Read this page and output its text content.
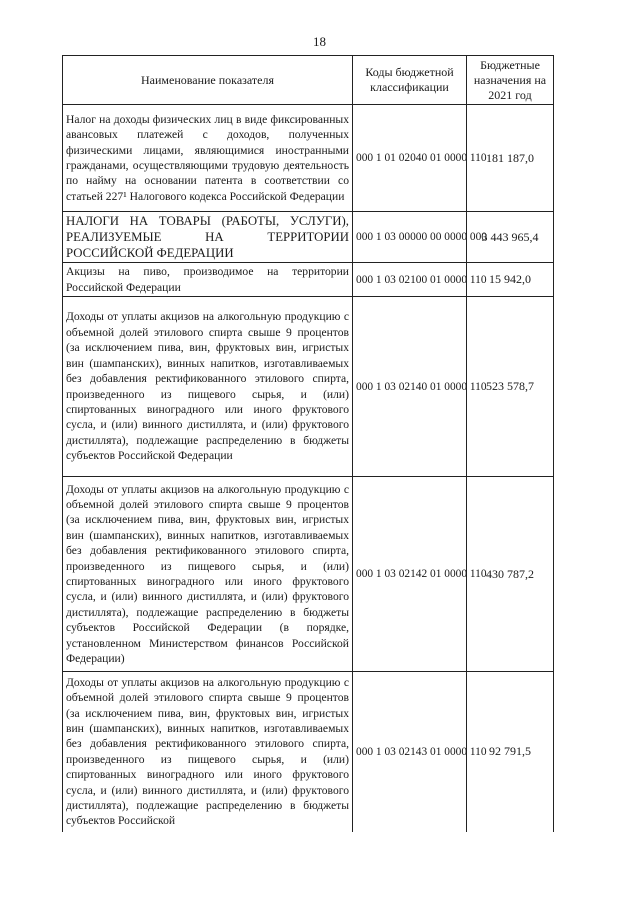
18
Наименование показателя	Коды бюджетной классификации	Бюджетные назначения на 2021 год
Налог на доходы физических лиц в виде фиксированных авансовых платежей с доходов, полученных физическими лицами, являющимися иностранными гражданами, осуществляющими трудовую деятельность по найму на основании патента в соответствии со статьей 227¹ Налогового кодекса Российской Федерации	000 1 01 02040 01 0000 110	181 187,0
НАЛОГИ НА ТОВАРЫ (РАБОТЫ, УСЛУГИ), РЕАЛИЗУЕМЫЕ НА ТЕРРИТОРИИ РОССИЙСКОЙ ФЕДЕРАЦИИ	000 1 03 00000 00 0000 000	3 443 965,4
Акцизы на пиво, производимое на территории Российской Федерации	000 1 03 02100 01 0000 110	15 942,0
Доходы от уплаты акцизов на алкогольную продукцию с объемной долей этилового спирта свыше 9 процентов (за исключением пива, вин, фруктовых вин, игристых вин (шампанских), винных напитков, изготавливаемых без добавления ректификованного этилового спирта, произведенного из пищевого сырья, и (или) спиртованных виноградного или иного фруктового сусла, и (или) винного дистиллята, и (или) фруктового дистиллята), подлежащие распределению в бюджеты субъектов Российской Федерации	000 1 03 02140 01 0000 110	523 578,7
Доходы от уплаты акцизов на алкогольную продукцию с объемной долей этилового спирта свыше 9 процентов (за исключением пива, вин, фруктовых вин, игристых вин (шампанских), винных напитков, изготавливаемых без добавления ректификованного этилового спирта, произведенного из пищевого сырья, и (или) спиртованных виноградного или иного фруктового сусла, и (или) винного дистиллята, и (или) фруктового дистиллята), подлежащие распределению в бюджеты субъектов Российской Федерации (в порядке, установленном Министерством финансов Российской Федерации)	000 1 03 02142 01 0000 110	430 787,2
Доходы от уплаты акцизов на алкогольную продукцию с объемной долей этилового спирта свыше 9 процентов (за исключением пива, вин, фруктовых вин, игристых вин (шампанских), винных напитков, изготавливаемых без добавления ректификованного этилового спирта, произведенного из пищевого сырья, и (или) спиртованных виноградного или иного фруктового сусла, и (или) винного дистиллята, и (или) фруктового дистиллята), подлежащие распределению в бюджеты субъектов Российской	000 1 03 02143 01 0000 110	92 791,5
